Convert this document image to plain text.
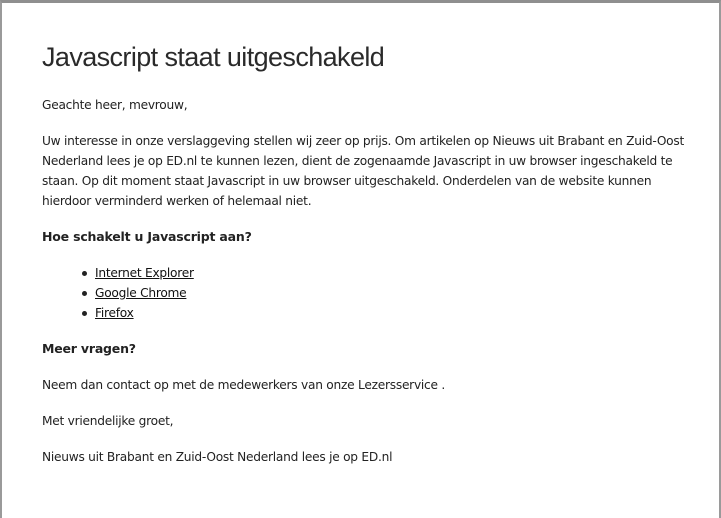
Javascript staat uitgeschakeld

Geachte heer, mevrouw,

Uw interesse in onze verslaggeving stellen wij zeer op prijs. Om artikelen op Nieuws uit Brabant en Zuid-Oost Nederland lees je op ED.nl te kunnen lezen, dient de zogenaamde Javascript in uw browser ingeschakeld te staan. Op dit moment staat Javascript in uw browser uitgeschakeld. Onderdelen van de website kunnen hierdoor verminderd werken of helemaal niet.

Hoe schakelt u Javascript aan?
Internet Explorer
Google Chrome
Firefox
Meer vragen?

Neem dan contact op met de medewerkers van onze Lezersservice .

Met vriendelijke groet,

Nieuws uit Brabant en Zuid-Oost Nederland lees je op ED.nl
